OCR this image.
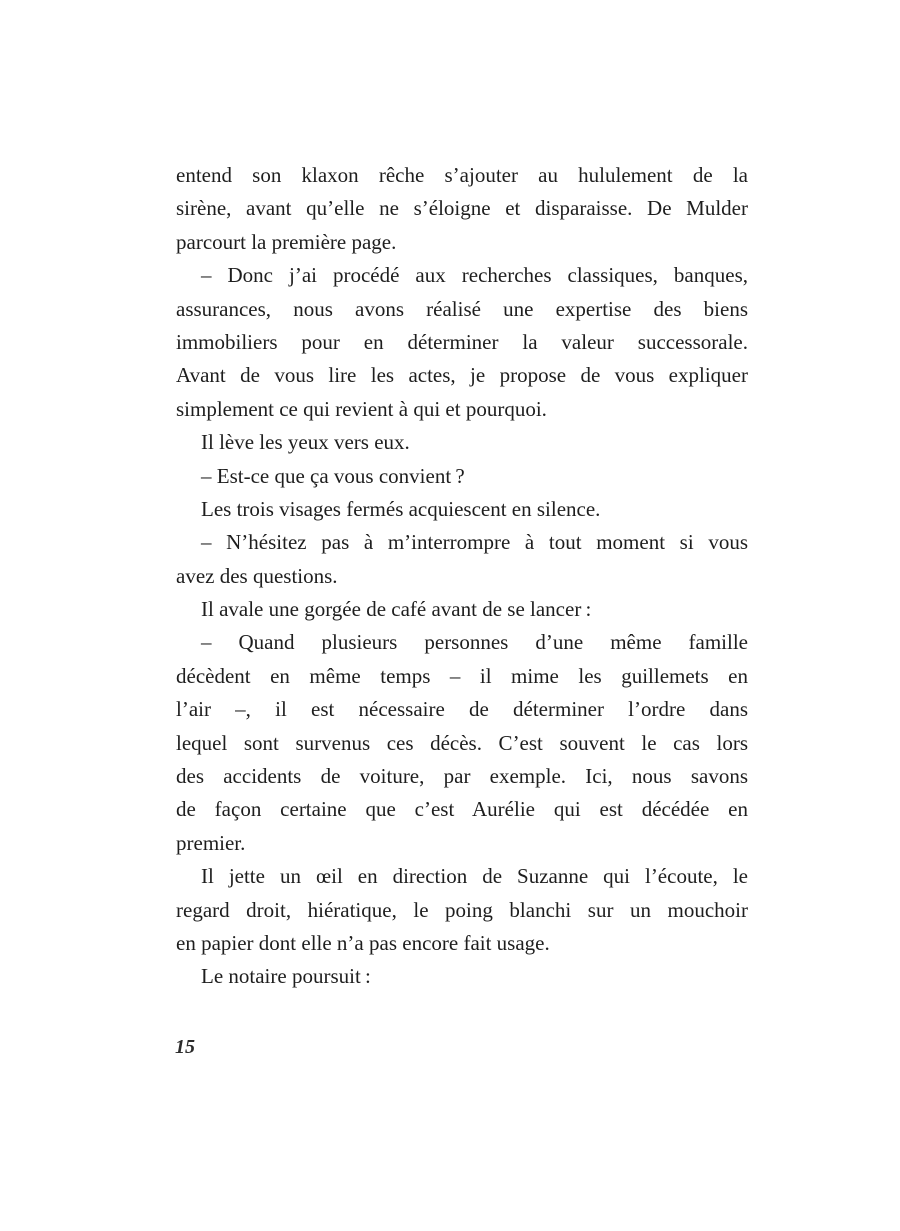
entend son klaxon rêche s’ajouter au hululement de la
sirène, avant qu’elle ne s’éloigne et disparaisse. De Mulder
parcourt la première page.
– Donc j’ai procédé aux recherches classiques, banques,
assurances, nous avons réalisé une expertise des biens
immobiliers pour en déterminer la valeur successorale.
Avant de vous lire les actes, je propose de vous expliquer
simplement ce qui revient à qui et pourquoi.
Il lève les yeux vers eux.
– Est-ce que ça vous convient ?
Les trois visages fermés acquiescent en silence.
– N’hésitez pas à m’interrompre à tout moment si vous
avez des questions.
Il avale une gorgée de café avant de se lancer :
– Quand plusieurs personnes d’une même famille
décèdent en même temps – il mime les guillemets en
l’air –, il est nécessaire de déterminer l’ordre dans
lequel sont survenus ces décès. C’est souvent le cas lors
des accidents de voiture, par exemple. Ici, nous savons
de façon certaine que c’est Aurélie qui est décédée en
premier.
Il jette un œil en direction de Suzanne qui l’écoute, le
regard droit, hiératique, le poing blanchi sur un mouchoir
en papier dont elle n’a pas encore fait usage.
Le notaire poursuit :
15
